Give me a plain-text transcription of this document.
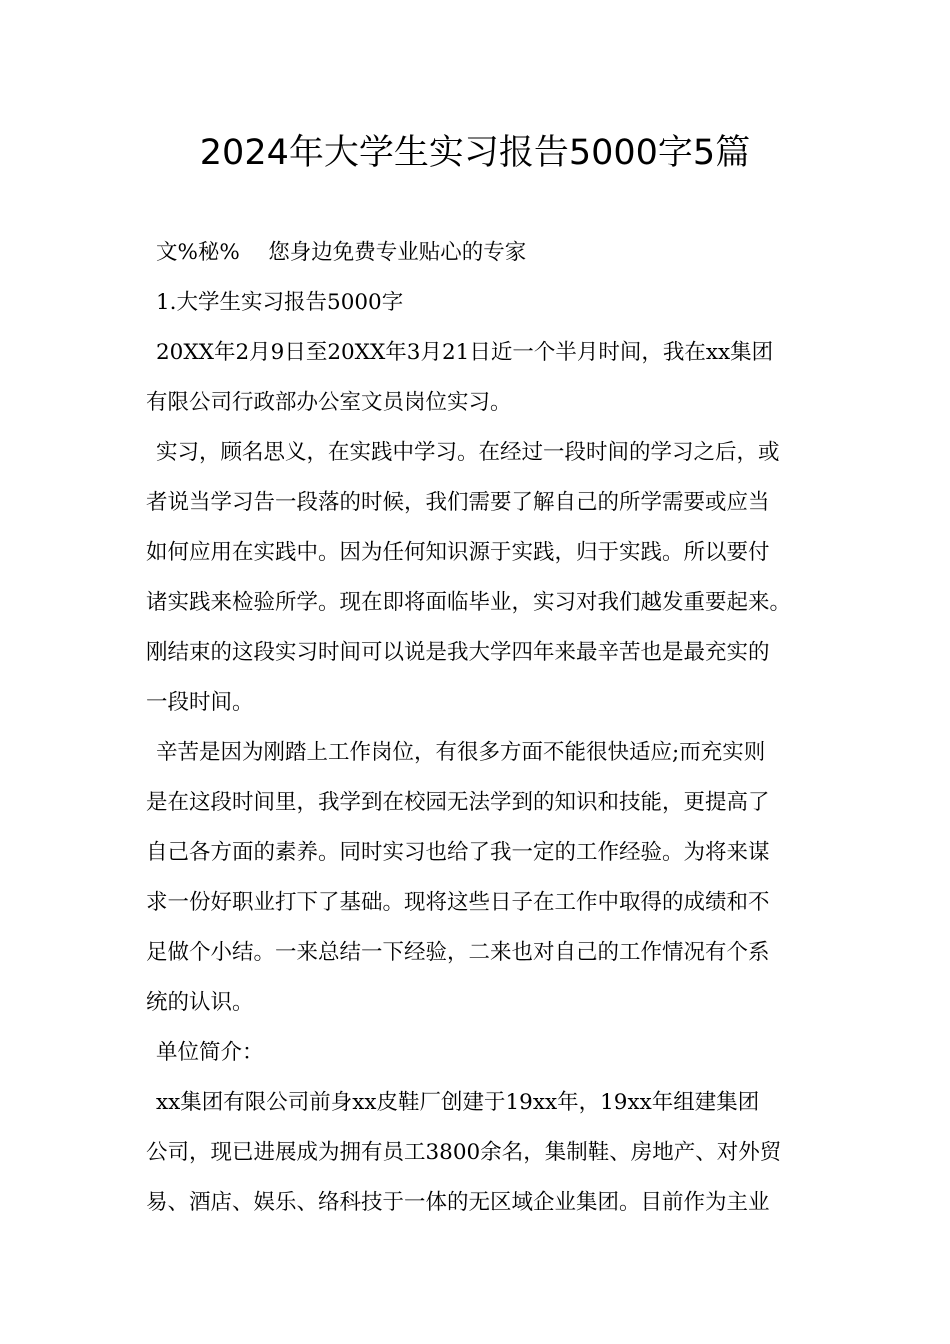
2024年大学生实习报告5000字5篇
文%秘%　 您身边免费专业贴心的专家
1.大学生实习报告5000字
20XX年2月9日至20XX年3月21日近一个半月时间，我在xx集团
有限公司行政部办公室文员岗位实习。
实习，顾名思义，在实践中学习。在经过一段时间的学习之后，或
者说当学习告一段落的时候，我们需要了解自己的所学需要或应当
如何应用在实践中。因为任何知识源于实践，归于实践。所以要付
诸实践来检验所学。现在即将面临毕业，实习对我们越发重要起来。
刚结束的这段实习时间可以说是我大学四年来最辛苦也是最充实的
一段时间。
辛苦是因为刚踏上工作岗位，有很多方面不能很快适应;而充实则
是在这段时间里，我学到在校园无法学到的知识和技能，更提高了
自己各方面的素养。同时实习也给了我一定的工作经验。为将来谋
求一份好职业打下了基础。现将这些日子在工作中取得的成绩和不
足做个小结。一来总结一下经验，二来也对自己的工作情况有个系
统的认识。
单位简介：
xx集团有限公司前身xx皮鞋厂创建于19xx年，19xx年组建集团
公司，现已进展成为拥有员工3800余名，集制鞋、房地产、对外贸
易、酒店、娱乐、络科技于一体的无区域企业集团。目前作为主业
